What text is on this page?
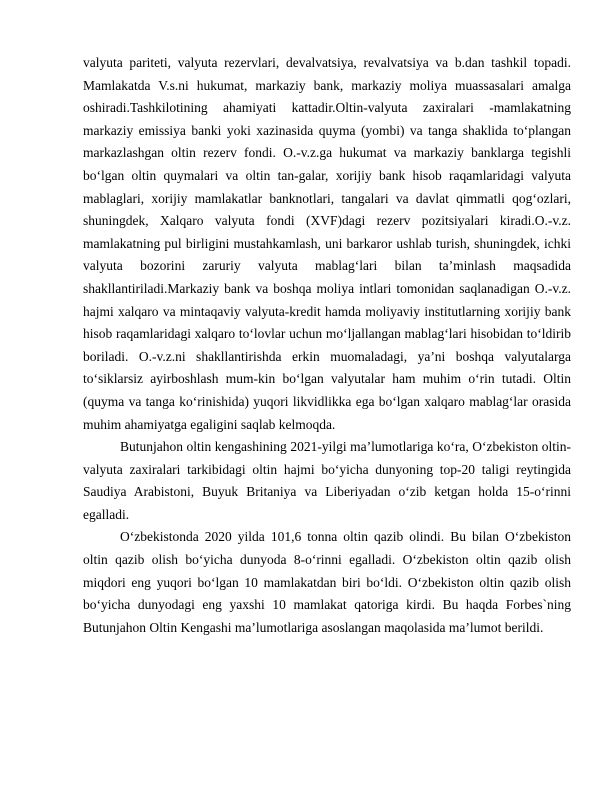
valyuta pariteti, valyuta rezervlari, devalvatsiya, revalvatsiya va b.dan tashkil topadi. Mamlakatda V.s.ni hukumat, markaziy bank, markaziy moliya muassasalari amalga oshiradi.Tashkilotining ahamiyati kattadir.Oltin-valyuta zaxiralari -mamlakatning markaziy emissiya banki yoki xazinasida quyma (yombi) va tanga shaklida toʻplangan markazlashgan oltin rezerv fondi. O.-v.z.ga hukumat va markaziy banklarga tegishli boʻlgan oltin quymalari va oltin tan-galar, xorijiy bank hisob raqamlaridagi valyuta mablaglari, xorijiy mamlakatlar banknotlari, tangalari va davlat qimmatli qogʻozlari, shuningdek, Xalqaro valyuta fondi (XVF)dagi rezerv pozitsiyalari kiradi.O.-v.z. mamlakatning pul birligini mustahkamlash, uni barkaror ushlab turish, shuningdek, ichki valyuta bozorini zaruriy valyuta mablagʻlari bilan taʼminlash maqsadida shakllantiriladi.Markaziy bank va boshqa moliya intlari tomonidan saqlanadigan O.-v.z. hajmi xalqaro va mintaqaviy valyuta-kredit hamda moliyaviy institutlarning xorijiy bank hisob raqamlaridagi xalqaro toʻlovlar uchun moʻljallangan mablagʻlari hisobidan toʻldirib boriladi. O.-v.z.ni shakllantirishda erkin muomaladagi, yaʼni boshqa valyutalarga toʻsiklarsiz ayirboshlash mum-kin boʻlgan valyutalar ham muhim oʻrin tutadi. Oltin (quyma va tanga koʻrinishida) yuqori likvidlikka ega boʻlgan xalqaro mablagʻlar orasida muhim ahamiyatga egaligini saqlab kelmoqda.

Butunjahon oltin kengashining 2021-yilgi maʼlumotlariga koʻra, Oʻzbekiston oltin-valyuta zaxiralari tarkibidagi oltin hajmi boʻyicha dunyoning top-20 taligi reytingida Saudiya Arabistoni, Buyuk Britaniya va Liberiyadan oʻzib ketgan holda 15-oʻrinni egalladi.

Oʻzbekistonda 2020 yilda 101,6 tonna oltin qazib olindi. Bu bilan Oʻzbekiston oltin qazib olish boʻyicha dunyoda 8-oʻrinni egalladi. Oʻzbekiston oltin qazib olish miqdori eng yuqori boʻlgan 10 mamlakatdan biri boʻldi. Oʻzbekiston oltin qazib olish boʻyicha dunyodagi eng yaxshi 10 mamlakat qatoriga kirdi. Bu haqda Forbes`ning Butunjahon Oltin Kengashi maʼlumotlariga asoslangan maqolasida maʼlumot berildi.
